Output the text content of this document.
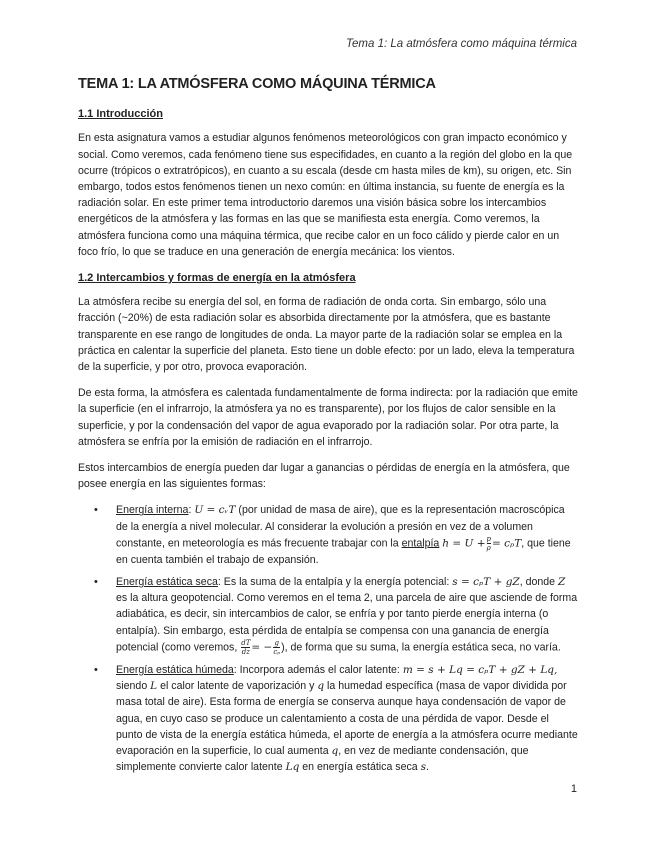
Tema 1: La atmósfera como máquina térmica
TEMA 1: LA ATMÓSFERA COMO MÁQUINA TÉRMICA
1.1 Introducción

En esta asignatura vamos a estudiar algunos fenómenos meteorológicos con gran impacto económico y social. Como veremos, cada fenómeno tiene sus especifidades, en cuanto a la región del globo en la que ocurre (trópicos o extratrópicos), en cuanto a su escala (desde cm hasta miles de km), su origen, etc. Sin embargo, todos estos fenómenos tienen un nexo común: en última instancia, su fuente de energía es la radiación solar. En este primer tema introductorio daremos una visión básica sobre los intercambios energéticos de la atmósfera y las formas en las que se manifiesta esta energía. Como veremos, la atmósfera funciona como una máquina térmica, que recibe calor en un foco cálido y pierde calor en un foco frío, lo que se traduce en una generación de energía mecánica: los vientos.

1.2 Intercambios y formas de energía en la atmósfera

La atmósfera recibe su energía del sol, en forma de radiación de onda corta. Sin embargo, sólo una fracción (~20%) de esta radiación solar es absorbida directamente por la atmósfera, que es bastante transparente en ese rango de longitudes de onda. La mayor parte de la radiación solar se emplea en la práctica en calentar la superficie del planeta. Esto tiene un doble efecto: por un lado, eleva la temperatura de la superficie, y por otro, provoca evaporación.

De esta forma, la atmósfera es calentada fundamentalmente de forma indirecta: por la radiación que emite la superficie (en el infrarrojo, la atmósfera ya no es transparente), por los flujos de calor sensible en la superficie, y por la condensación del vapor de agua evaporado por la radiación solar. Por otra parte, la atmósfera se enfría por la emisión de radiación en el infrarrojo.

Estos intercambios de energía pueden dar lugar a ganancias o pérdidas de energía en la atmósfera, que posee energía en las siguientes formas:

• Energía interna: U = cᵥT (por unidad de masa de aire), que es la representación macroscópica de la energía a nivel molecular. Al considerar la evolución a presión en vez de a volumen constante, en meteorología es más frecuente trabajar con la entalpía $h = U + \frac{p}{\rho} = c_pT$, que tiene en cuenta también el trabajo de expansión.
• Energía estática seca: Es la suma de la entalpía y la energía potencial: s = cₚT + gZ, donde Z es la altura geopotencial. Como veremos en el tema 2, una parcela de aire que asciende de forma adiabática, es decir, sin intercambios de calor, se enfría y por tanto pierde energía interna (o entalpía). Sin embargo, esta pérdida de entalpía se compensa con una ganancia de energía potencial (como veremos, $\frac{dT}{dz}$ = − $\frac{g}{\text{cₚ}}$ ), de forma que su suma, la energía estática seca, no varía.
• Energía estática húmeda: Incorpora además el calor latente: m = s + Lq = cₚT + gZ + Lq, siendo L el calor latente de vaporización y q la humedad específica (masa de vapor dividida por masa total de aire). Esta forma de energía se conserva aunque haya condensación de vapor de agua, en cuyo caso se produce un calentamiento a costa de una pérdida de vapor. Desde el punto de vista de la energía estática húmeda, el aporte de energía a la atmósfera ocurre mediante evaporación en la superficie, lo cual aumenta q, en vez de mediante condensación, que simplemente convierte calor latente Lq en energía estática seca s.
1
